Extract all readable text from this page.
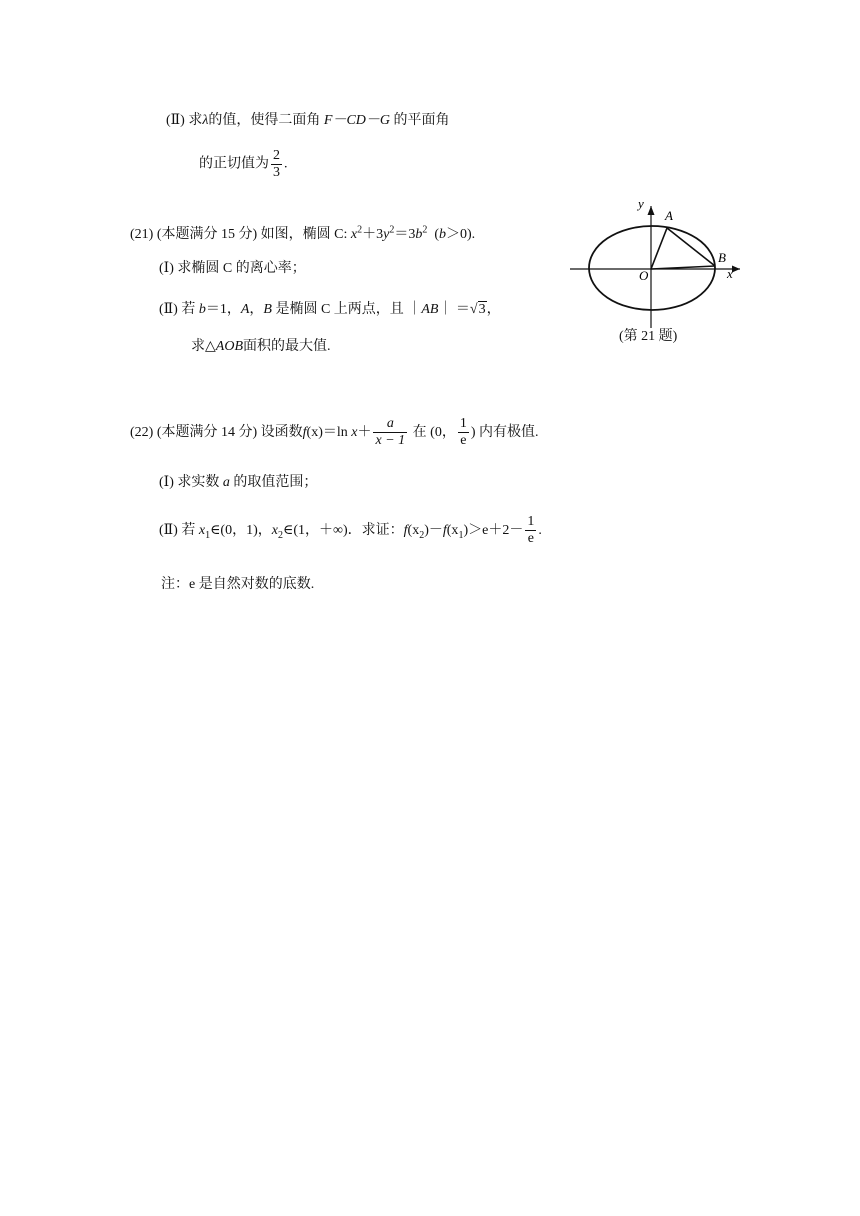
(Ⅱ) 求λ的值，使得二面角 F－CD－G 的平面角
的正切值为 $\frac{2}{3}$ .
(21) (本题满分 15 分) 如图，椭圆 C: $x^2+3y^2=3b^2$ (b＞0).
(Ⅰ) 求椭圆 C 的离心率；
(Ⅱ) 若 b＝1，A，B 是椭圆 C 上两点，且 ｜AB｜ ＝√3，
求△AOB面积的最大值.
y
A
B
O	x
(第 21 题)
(22) (本题满分 14 分) 设函数f(x)＝ln $x+ \frac{a}{x - 1}$ 在 (0， $\frac{1}{e}$ ) 内有极值.
(Ⅰ) 求实数 a 的取值范围；
(Ⅱ) 若 $x_1\in(0$，1)，$x_2\in(1$，＋∞)．求证：$f(x_2)-f(x_1)>e+2- \frac{1}{e}$ .
注：e 是自然对数的底数.
